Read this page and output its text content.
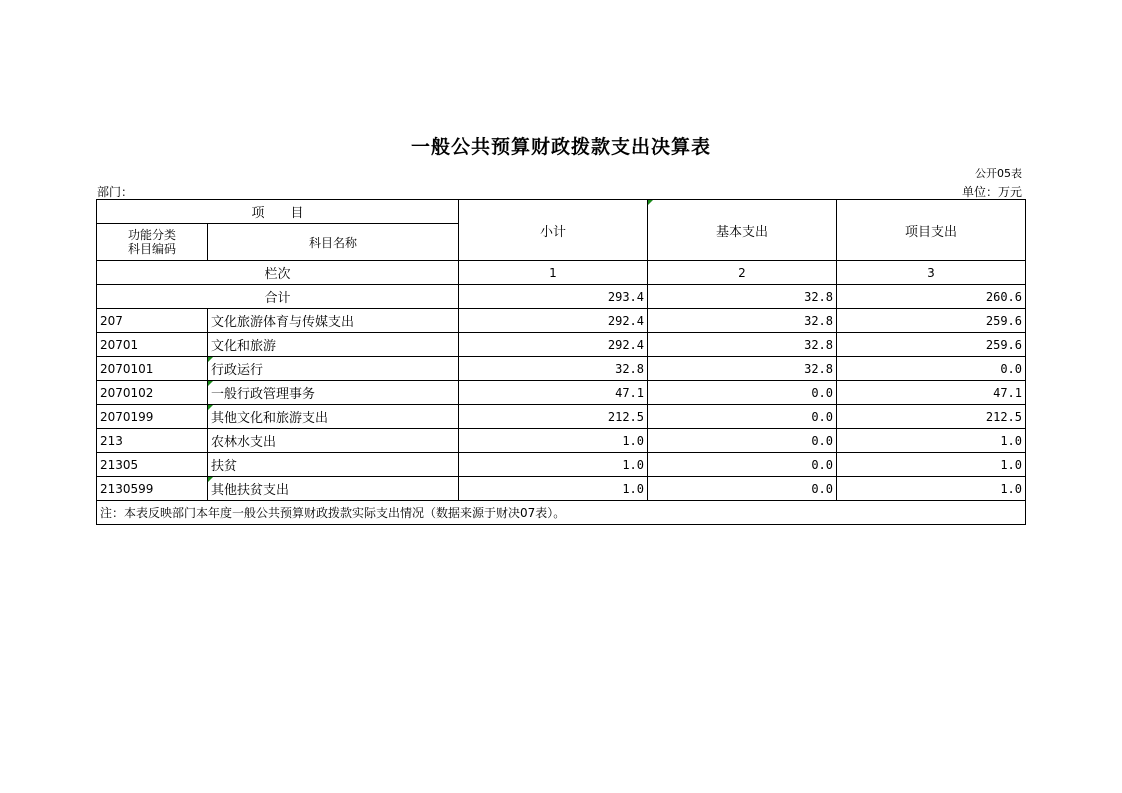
一般公共预算财政拨款支出决算表
公开05表
部门：	单位：万元
项　　目		小计	基本支出	项目支出
功能分类
科目编码	科目名称			
栏次		1	2	3
合计		293.4	32.8	260.6
207	文化旅游体育与传媒支出	292.4	32.8	259.6
20701	文化和旅游	292.4	32.8	259.6
2070101	行政运行	32.8	32.8	0.0
2070102	一般行政管理事务	47.1	0.0	47.1
2070199	其他文化和旅游支出	212.5	0.0	212.5
213	农林水支出	1.0	0.0	1.0
21305	扶贫	1.0	0.0	1.0
2130599	其他扶贫支出	1.0	0.0	1.0
注：本表反映部门本年度一般公共预算财政拨款实际支出情况（数据来源于财决07表）。				
